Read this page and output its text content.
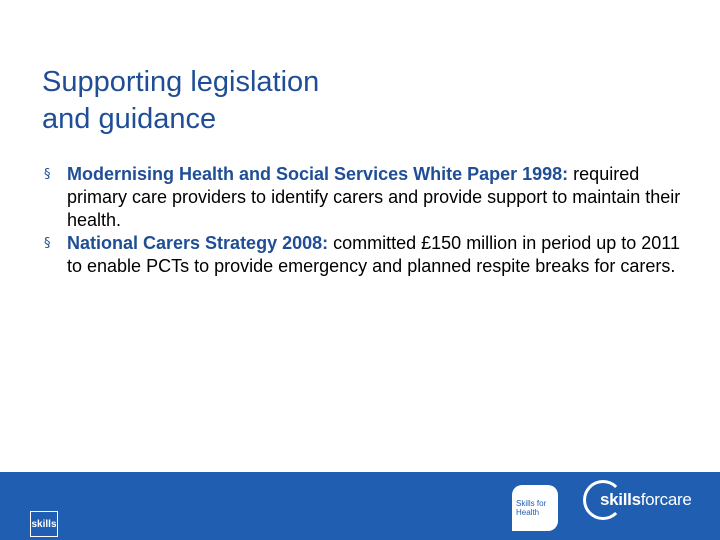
Supporting legislation
and guidance
§ Modernising Health and Social Services White Paper 1998: required primary care providers to identify carers and provide support to maintain their health.
§ National Carers Strategy 2008: committed £150 million in period up to 2011 to enable PCTs to provide emergency and planned respite breaks for carers.
skills
Skills for
Health
skillsforcare
